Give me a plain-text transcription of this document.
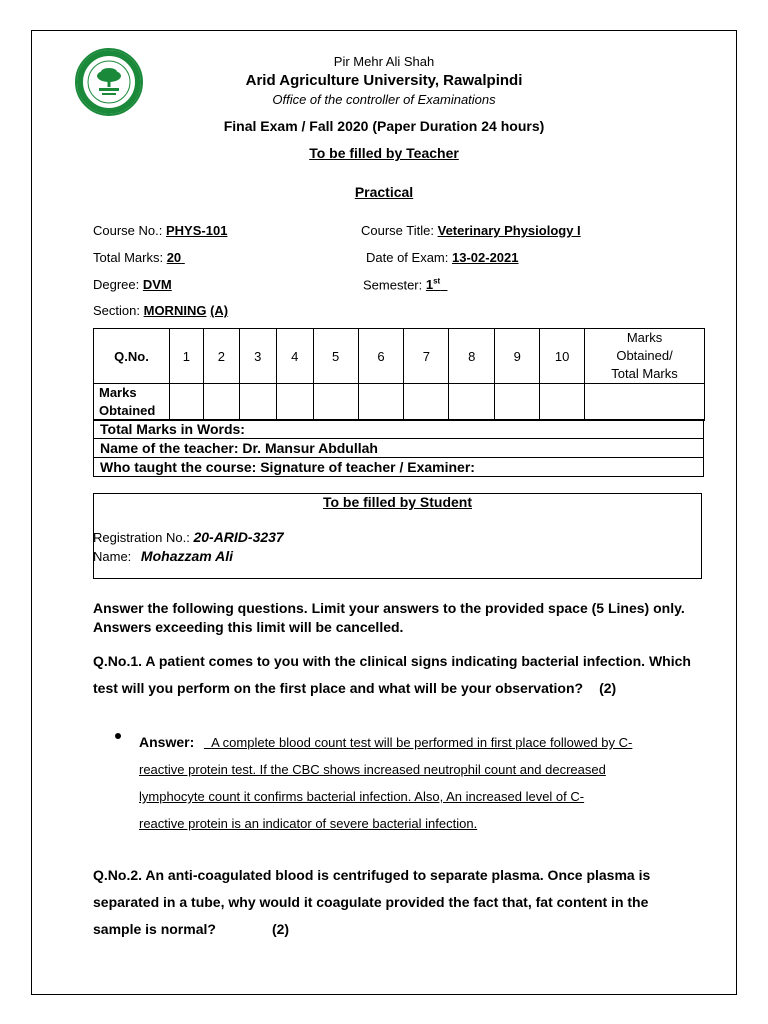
Pir Mehr Ali Shah
Arid Agriculture University, Rawalpindi
Office of the controller of Examinations
Final Exam / Fall 2020 (Paper Duration 24 hours)
To be filled by Teacher
Practical
Course No.: PHYS-101	Course Title: Veterinary Physiology I
Total Marks: 20	Date of Exam: 13-02-2021
Degree: DVM	Semester: 1st
Section: MORNING (A)
Q.No.	1	2	3	4	5	6	7	8	9	10	Marks
Obtained/
Total Marks

Marks
Obtained											

Total Marks in Words:
Name of the teacher: Dr. Mansur Abdullah
Who taught the course: Signature of teacher / Examiner:
To be filled by Student
Registration No.: 20-ARID-3237
Name: Mohazzam Ali
Answer the following questions. Limit your answers to the provided space (5 Lines) only.
Answers exceeding this limit will be cancelled.
Q.No.1. A patient comes to you with the clinical signs indicating bacterial infection. Which
test will you perform on the first place and what will be your observation? (2)
Answer: A complete blood count test will be performed in first place followed by C-
reactive protein test. If the CBC shows increased neutrophil count and decreased
lymphocyte count it confirms bacterial infection. Also, An increased level of C-
reactive protein is an indicator of severe bacterial infection.
Q.No.2. An anti-coagulated blood is centrifuged to separate plasma. Once plasma is
separated in a tube, why would it coagulate provided the fact that, fat content in the
sample is normal?	(2)
